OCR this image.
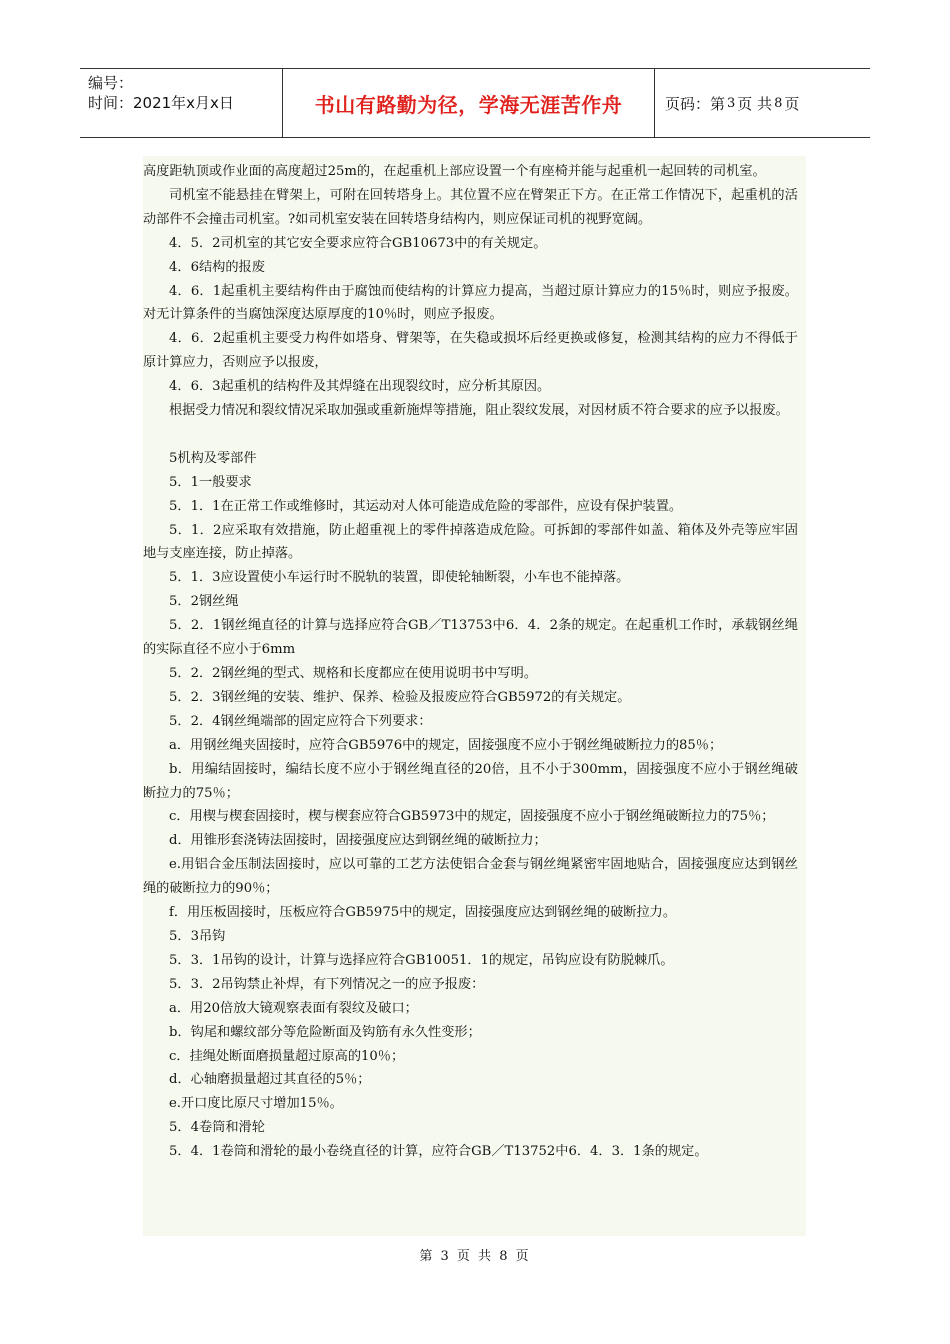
编号：
时间：2021年x月x日	书山有路勤为径，学海无涯苦作舟	页码：第 3 页 共 8 页

高度距轨顶或作业面的高度超过25m的，在起重机上部应设置一个有座椅并能与起重机一起回转的司机室。

司机室不能悬挂在臂架上，可附在回转塔身上。其位置不应在臂架正下方。在正常工作情况下，起重机的活动部件不会撞击司机室。?如司机室安装在回转塔身结构内，则应保证司机的视野宽阔。

4．5．2司机室的其它安全要求应符合GB10673中的有关规定。

4．6结构的报废

4．6．1起重机主要结构件由于腐蚀而使结构的计算应力提高，当超过原计算应力的15％时，则应予报废。对无计算条件的当腐蚀深度达原厚度的10％时，则应予报废。

4．6．2起重机主要受力构件如塔身、臂架等，在失稳或损坏后经更换或修复，检测其结构的应力不得低于原计算应力，否则应予以报废，

4．6．3起重机的结构件及其焊缝在出现裂纹时，应分析其原因。

根据受力情况和裂纹情况采取加强或重新施焊等措施，阻止裂纹发展，对因材质不符合要求的应予以报废。

5机构及零部件

5．1一般要求

5．1．1在正常工作或维修时，其运动对人体可能造成危险的零部件，应设有保护装置。

5．1．2应采取有效措施，防止超重视上的零件掉落造成危险。可拆卸的零部件如盖、箱体及外壳等应牢固地与支座连接，防止掉落。

5．1．3应设置使小车运行时不脱轨的装置，即使轮轴断裂，小车也不能掉落。

5．2钢丝绳

5．2．1钢丝绳直径的计算与选择应符合GB／T13753中6．4．2条的规定。在起重机工作时，承载钢丝绳的实际直径不应小于6mm

5．2．2钢丝绳的型式、规格和长度都应在使用说明书中写明。

5．2．3钢丝绳的安装、维护、保养、检验及报废应符合GB5972的有关规定。

5．2．4钢丝绳端部的固定应符合下列要求：

a．用钢丝绳夹固接时，应符合GB5976中的规定，固接强度不应小于钢丝绳破断拉力的85％；

b．用编结固接时，编结长度不应小于钢丝绳直径的20倍，且不小于300mm，固接强度不应小于钢丝绳破断拉力的75％；

c．用楔与楔套固接时，楔与楔套应符合GB5973中的规定，固接强度不应小于钢丝绳破断拉力的75％；

d．用锥形套浇铸法固接时，固接强度应达到钢丝绳的破断拉力；

e.用铝合金压制法固接时，应以可靠的工艺方法使铝合金套与钢丝绳紧密牢固地贴合，固接强度应达到钢丝绳的破断拉力的90％；

f．用压板固接时，压板应符合GB5975中的规定，固接强度应达到钢丝绳的破断拉力。

5．3吊钩

5．3．1吊钩的设计，计算与选择应符合GB10051．1的规定，吊钩应设有防脱棘爪。

5．3．2吊钩禁止补焊，有下列情况之一的应予报废：

a．用20倍放大镜观察表面有裂纹及破口；

b．钩尾和螺纹部分等危险断面及钩筋有永久性变形；

c．挂绳处断面磨损量超过原高的10％；

d．心轴磨损量超过其直径的5％；

e.开口度比原尺寸增加15％。

5．4卷筒和滑轮

5．4．1卷筒和滑轮的最小卷绕直径的计算，应符合GB／T13752中6．4．3．1条的规定。

第 3 页 共 8 页
